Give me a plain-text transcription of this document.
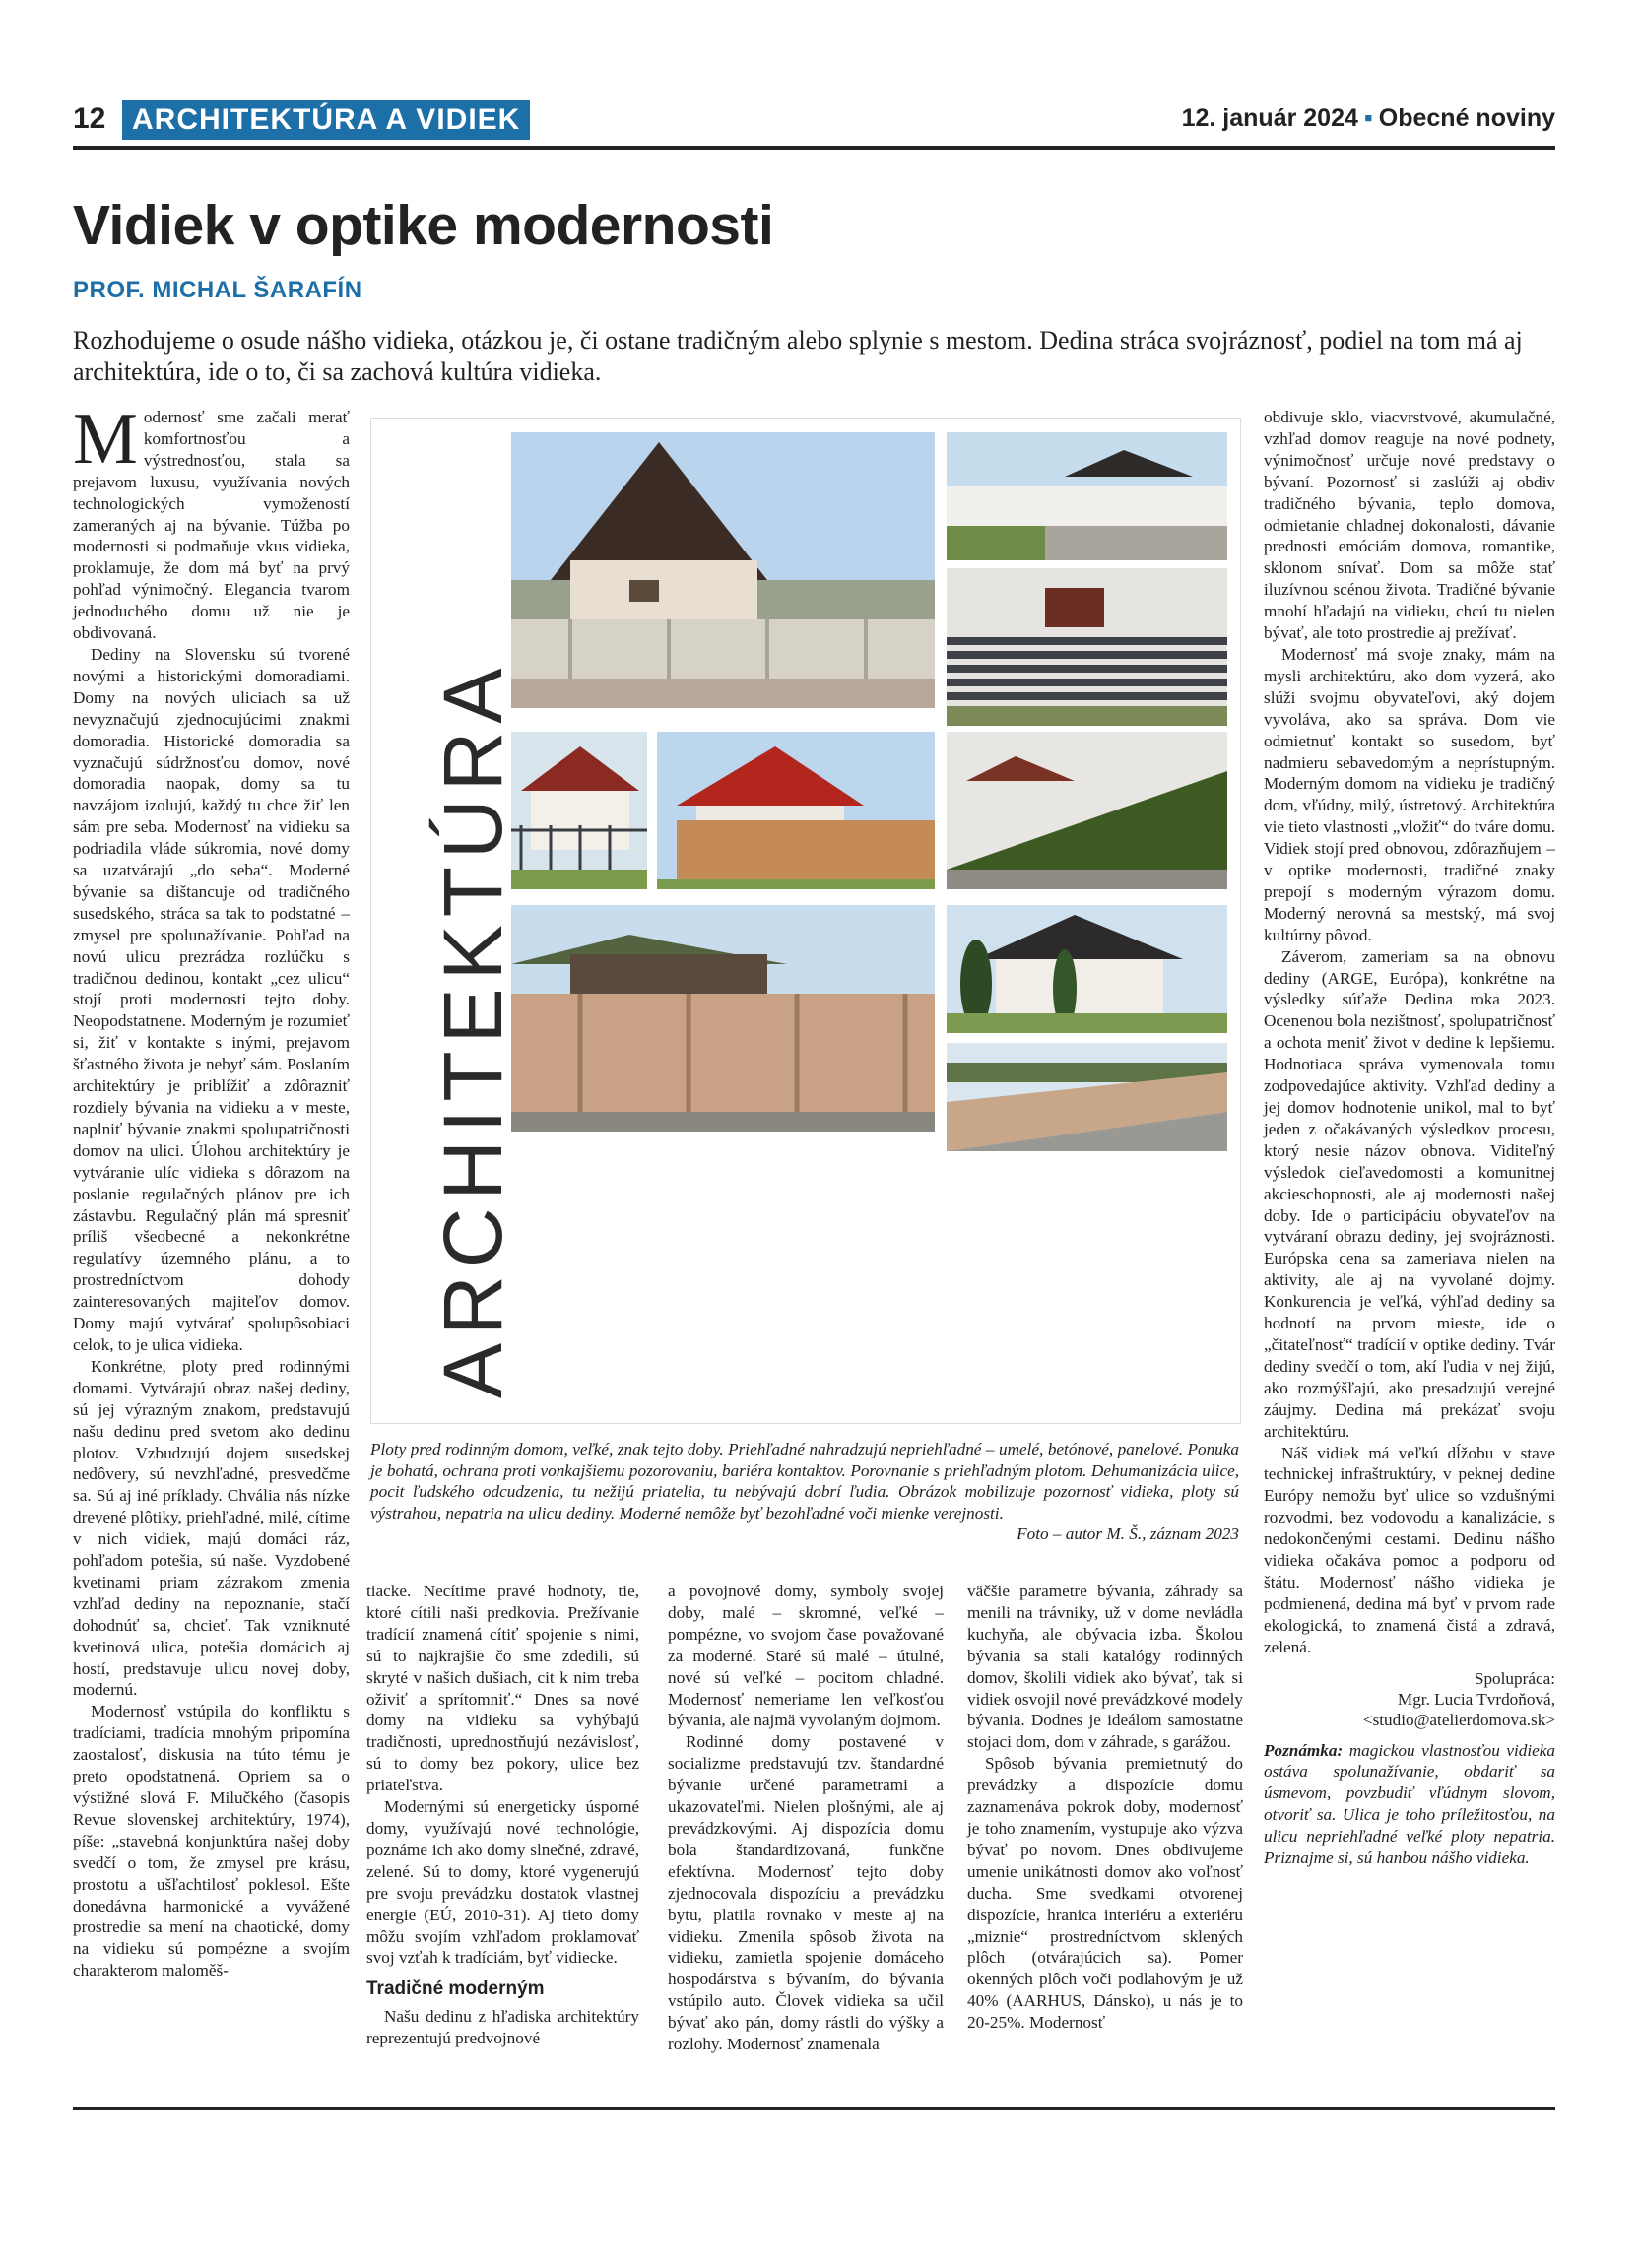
12 ARCHITEKTÚRA A VIDIEK	12. január 2024 ▪ Obecné noviny
Vidiek v optike modernosti
PROF. MICHAL ŠARAFÍN

Rozhodujeme o osude nášho vidieka, otázkou je, či ostane tradičným alebo splynie s mestom. Dedina stráca svojráznosť, podiel na tom má aj architektúra, ide o to, či sa zachová kultúra vidieka.

Modernosť sme začali merať komfortnosťou a výstrednosťou, stala sa prejavom luxusu, využívania nových technologických vymožeností zameraných aj na bývanie. Túžba po modernosti si podmaňuje vkus vidieka, proklamuje, že dom má byť na prvý pohľad výnimočný. Elegancia tvarom jednoduchého domu už nie je obdivovaná.

Dediny na Slovensku sú tvorené novými a historickými domoradiami. Domy na nových uliciach sa už nevyznačujú zjednocujúcimi znakmi domoradia. Historické domoradia sa vyznačujú súdržnosťou domov, nové domoradia naopak, domy sa tu navzájom izolujú, každý tu chce žiť len sám pre seba. Modernosť na vidieku sa podriadila vláde súkromia, nové domy sa uzatvárajú „do seba“. Moderné bývanie sa dištancuje od tradičného susedského, stráca sa tak to podstatné – zmysel pre spolunažívanie. Pohľad na novú ulicu prezrádza rozlúčku s tradičnou dedinou, kontakt „cez ulicu“ stojí proti modernosti tejto doby. Neopodstatnene. Moderným je rozumieť si, žiť v kontakte s inými, prejavom šťastného života je nebyť sám. Poslaním architektúry je priblížiť a zdôrazniť rozdiely bývania na vidieku a v meste, naplniť bývanie znakmi spolupatričnosti domov na ulici. Úlohou architektúry je vytváranie ulíc vidieka s dôrazom na poslanie regulačných plánov pre ich zástavbu. Regulačný plán má spresniť príliš všeobecné a nekonkrétne regulatívy územného plánu, a to prostredníctvom dohody zainteresovaných majiteľov domov. Domy majú vytvárať spolupôsobiaci celok, to je ulica vidieka.

Konkrétne, ploty pred rodinnými domami. Vytvárajú obraz našej dediny, sú jej výrazným znakom, predstavujú našu dedinu pred svetom ako dedinu plotov. Vzbudzujú dojem susedskej nedôvery, sú nevzhľadné, presvedčme sa. Sú aj iné príklady. Chvália nás nízke drevené plôtiky, priehľadné, milé, cítime v nich vidiek, majú domáci ráz, pohľadom potešia, sú naše. Vyzdobené kvetinami priam zázrakom zmenia vzhľad dediny na nepoznanie, stačí dohodnúť sa, chcieť. Tak vzniknuté kvetinová ulica, potešia domácich aj hostí, predstavuje ulicu novej doby, modernú.

Modernosť vstúpila do konfliktu s tradíciami, tradícia mnohým pripomína zaostalosť, diskusia na túto tému je preto opodstatnená. Opriem sa o výstižné slová F. Milučkého (časopis Revue slovenskej architektúry, 1974), píše: „stavebná konjunktúra našej doby svedčí o tom, že zmysel pre krásu, prostotu a ušľachtilosť poklesol. Ešte donedávna harmonické a vyvážené prostredie sa mení na chaotické, domy na vidieku sú pompézne a svojím charakterom maloměš-

ARCHITEKTÚRA
Ploty pred rodinným domom, veľké, znak tejto doby. Priehľadné nahradzujú nepriehľadné – umelé, betónové, panelové. Ponuka je bohatá, ochrana proti vonkajšiemu pozorovaniu, bariéra kontaktov. Porovnanie s priehľadným plotom. Dehumanizácia ulice, pocit ľudského odcudzenia, tu nežijú priatelia, tu nebývajú dobrí ľudia. Obrázok mobilizuje pozornosť vidieka, ploty sú výstrahou, nepatria na ulicu dediny. Moderné nemôže byť bezohľadné voči mienke verejnosti.
Foto – autor M. Š., záznam 2023

tiacke. Necítime pravé hodnoty, tie, ktoré cítili naši predkovia. Prežívanie tradícií znamená cítiť spojenie s nimi, sú to najkrajšie čo sme zdedili, sú skryté v našich dušiach, cit k nim treba oživiť a sprítomniť.“ Dnes sa nové domy na vidieku sa vyhýbajú tradičnosti, uprednostňujú nezávislosť, sú to domy bez pokory, ulice bez priateľstva.

Modernými sú energeticky úsporné domy, využívajú nové technológie, poznáme ich ako domy slnečné, zdravé, zelené. Sú to domy, ktoré vygenerujú pre svoju prevádzku dostatok vlastnej energie (EÚ, 2010-31). Aj tieto domy môžu svojím vzhľadom proklamovať svoj vzťah k tradíciám, byť vidiecke.

Tradičné moderným

Našu dedinu z hľadiska architektúry reprezentujú predvojnové

a povojnové domy, symboly svojej doby, malé – skromné, veľké – pompézne, vo svojom čase považované za moderné. Staré sú malé – útulné, nové sú veľké – pocitom chladné. Modernosť nemeriame len veľkosťou bývania, ale najmä vyvolaným dojmom.

Rodinné domy postavené v socializme predstavujú tzv. štandardné bývanie určené parametrami a ukazovateľmi. Nielen plošnými, ale aj prevádzkovými. Aj dispozícia domu bola štandardizovaná, funkčne efektívna. Modernosť tejto doby zjednocovala dispozíciu a prevádzku bytu, platila rovnako v meste aj na vidieku. Zmenila spôsob života na vidieku, zamietla spojenie domáceho hospodárstva s bývaním, do bývania vstúpilo auto. Človek vidieka sa učil bývať ako pán, domy rástli do výšky a rozlohy. Modernosť znamenala

väčšie parametre bývania, záhrady sa menili na trávniky, už v dome nevládla kuchyňa, ale obývacia izba. Školou bývania sa stali katalógy rodinných domov, školili vidiek ako bývať, tak si vidiek osvojil nové prevádzkové modely bývania. Dodnes je ideálom samostatne stojaci dom, dom v záhrade, s garážou.

Spôsob bývania premietnutý do prevádzky a dispozície domu zaznamenáva pokrok doby, modernosť je toho znamením, vystupuje ako výzva bývať po novom. Dnes obdivujeme umenie unikátnosti domov ako voľnosť ducha. Sme svedkami otvorenej dispozície, hranica interiéru a exteriéru „miznie“ prostredníctvom sklených plôch (otvárajúcich sa). Pomer okenných plôch voči podlahovým je už 40% (AARHUS, Dánsko), u nás je to 20-25%. Modernosť

obdivuje sklo, viacvrstvové, akumulačné, vzhľad domov reaguje na nové podnety, výnimočnosť určuje nové predstavy o bývaní. Pozornosť si zaslúži aj obdiv tradičného bývania, teplo domova, odmietanie chladnej dokonalosti, dávanie prednosti emóciám domova, romantike, sklonom snívať. Dom sa môže stať iluzívnou scénou života. Tradičné bývanie mnohí hľadajú na vidieku, chcú tu nielen bývať, ale toto prostredie aj prežívať.

Modernosť má svoje znaky, mám na mysli architektúru, ako dom vyzerá, ako slúži svojmu obyvateľovi, aký dojem vyvoláva, ako sa správa. Dom vie odmietnuť kontakt so susedom, byť nadmieru sebavedomým a neprístupným. Moderným domom na vidieku je tradičný dom, vľúdny, milý, ústretový. Architektúra vie tieto vlastnosti „vložiť“ do tváre domu. Vidiek stojí pred obnovou, zdôrazňujem – v optike modernosti, tradičné znaky prepojí s moderným výrazom domu. Moderný nerovná sa mestský, má svoj kultúrny pôvod.

Záverom, zameriam sa na obnovu dediny (ARGE, Európa), konkrétne na výsledky súťaže Dedina roka 2023. Ocenenou bola nezištnosť, spolupatričnosť a ochota meniť život v dedine k lepšiemu. Hodnotiaca správa vymenovala tomu zodpovedajúce aktivity. Vzhľad dediny a jej domov hodnotenie unikol, mal to byť jeden z očakávaných výsledkov procesu, ktorý nesie názov obnova. Viditeľný výsledok cieľavedomosti a komunitnej akcieschopnosti, ale aj modernosti našej doby. Ide o participáciu obyvateľov na vytváraní obrazu dediny, jej svojráznosti. Európska cena sa zameriava nielen na aktivity, ale aj na vyvolané dojmy. Konkurencia je veľká, výhľad dediny sa hodnotí na prvom mieste, ide o „čitateľnosť“ tradícií v optike dediny. Tvár dediny svedčí o tom, akí ľudia v nej žijú, ako rozmýšľajú, ako presadzujú verejné záujmy. Dedina má prekázať svoju architektúru.

Náš vidiek má veľkú dĺžobu v stave technickej infraštruktúry, v peknej dedine Európy nemožu byť ulice so vzdušnými rozvodmi, bez vodovodu a kanalizácie, s nedokončenými cestami. Dedinu nášho vidieka očakáva pomoc a podporu od štátu. Modernosť nášho vidieka je podmienená, dedina má byť v prvom rade ekologická, to znamená čistá a zdravá, zelená.

Spolupráca:
Mgr. Lucia Tvrdoňová,
<studio@atelierdomova.sk>

Poznámka: magickou vlastnosťou vidieka ostáva spolunažívanie, obdariť sa úsmevom, povzbudiť vľúdnym slovom, otvoriť sa. Ulica je toho príležitosťou, na ulicu nepriehľadné veľké ploty nepatria. Priznajme si, sú hanbou nášho vidieka.
